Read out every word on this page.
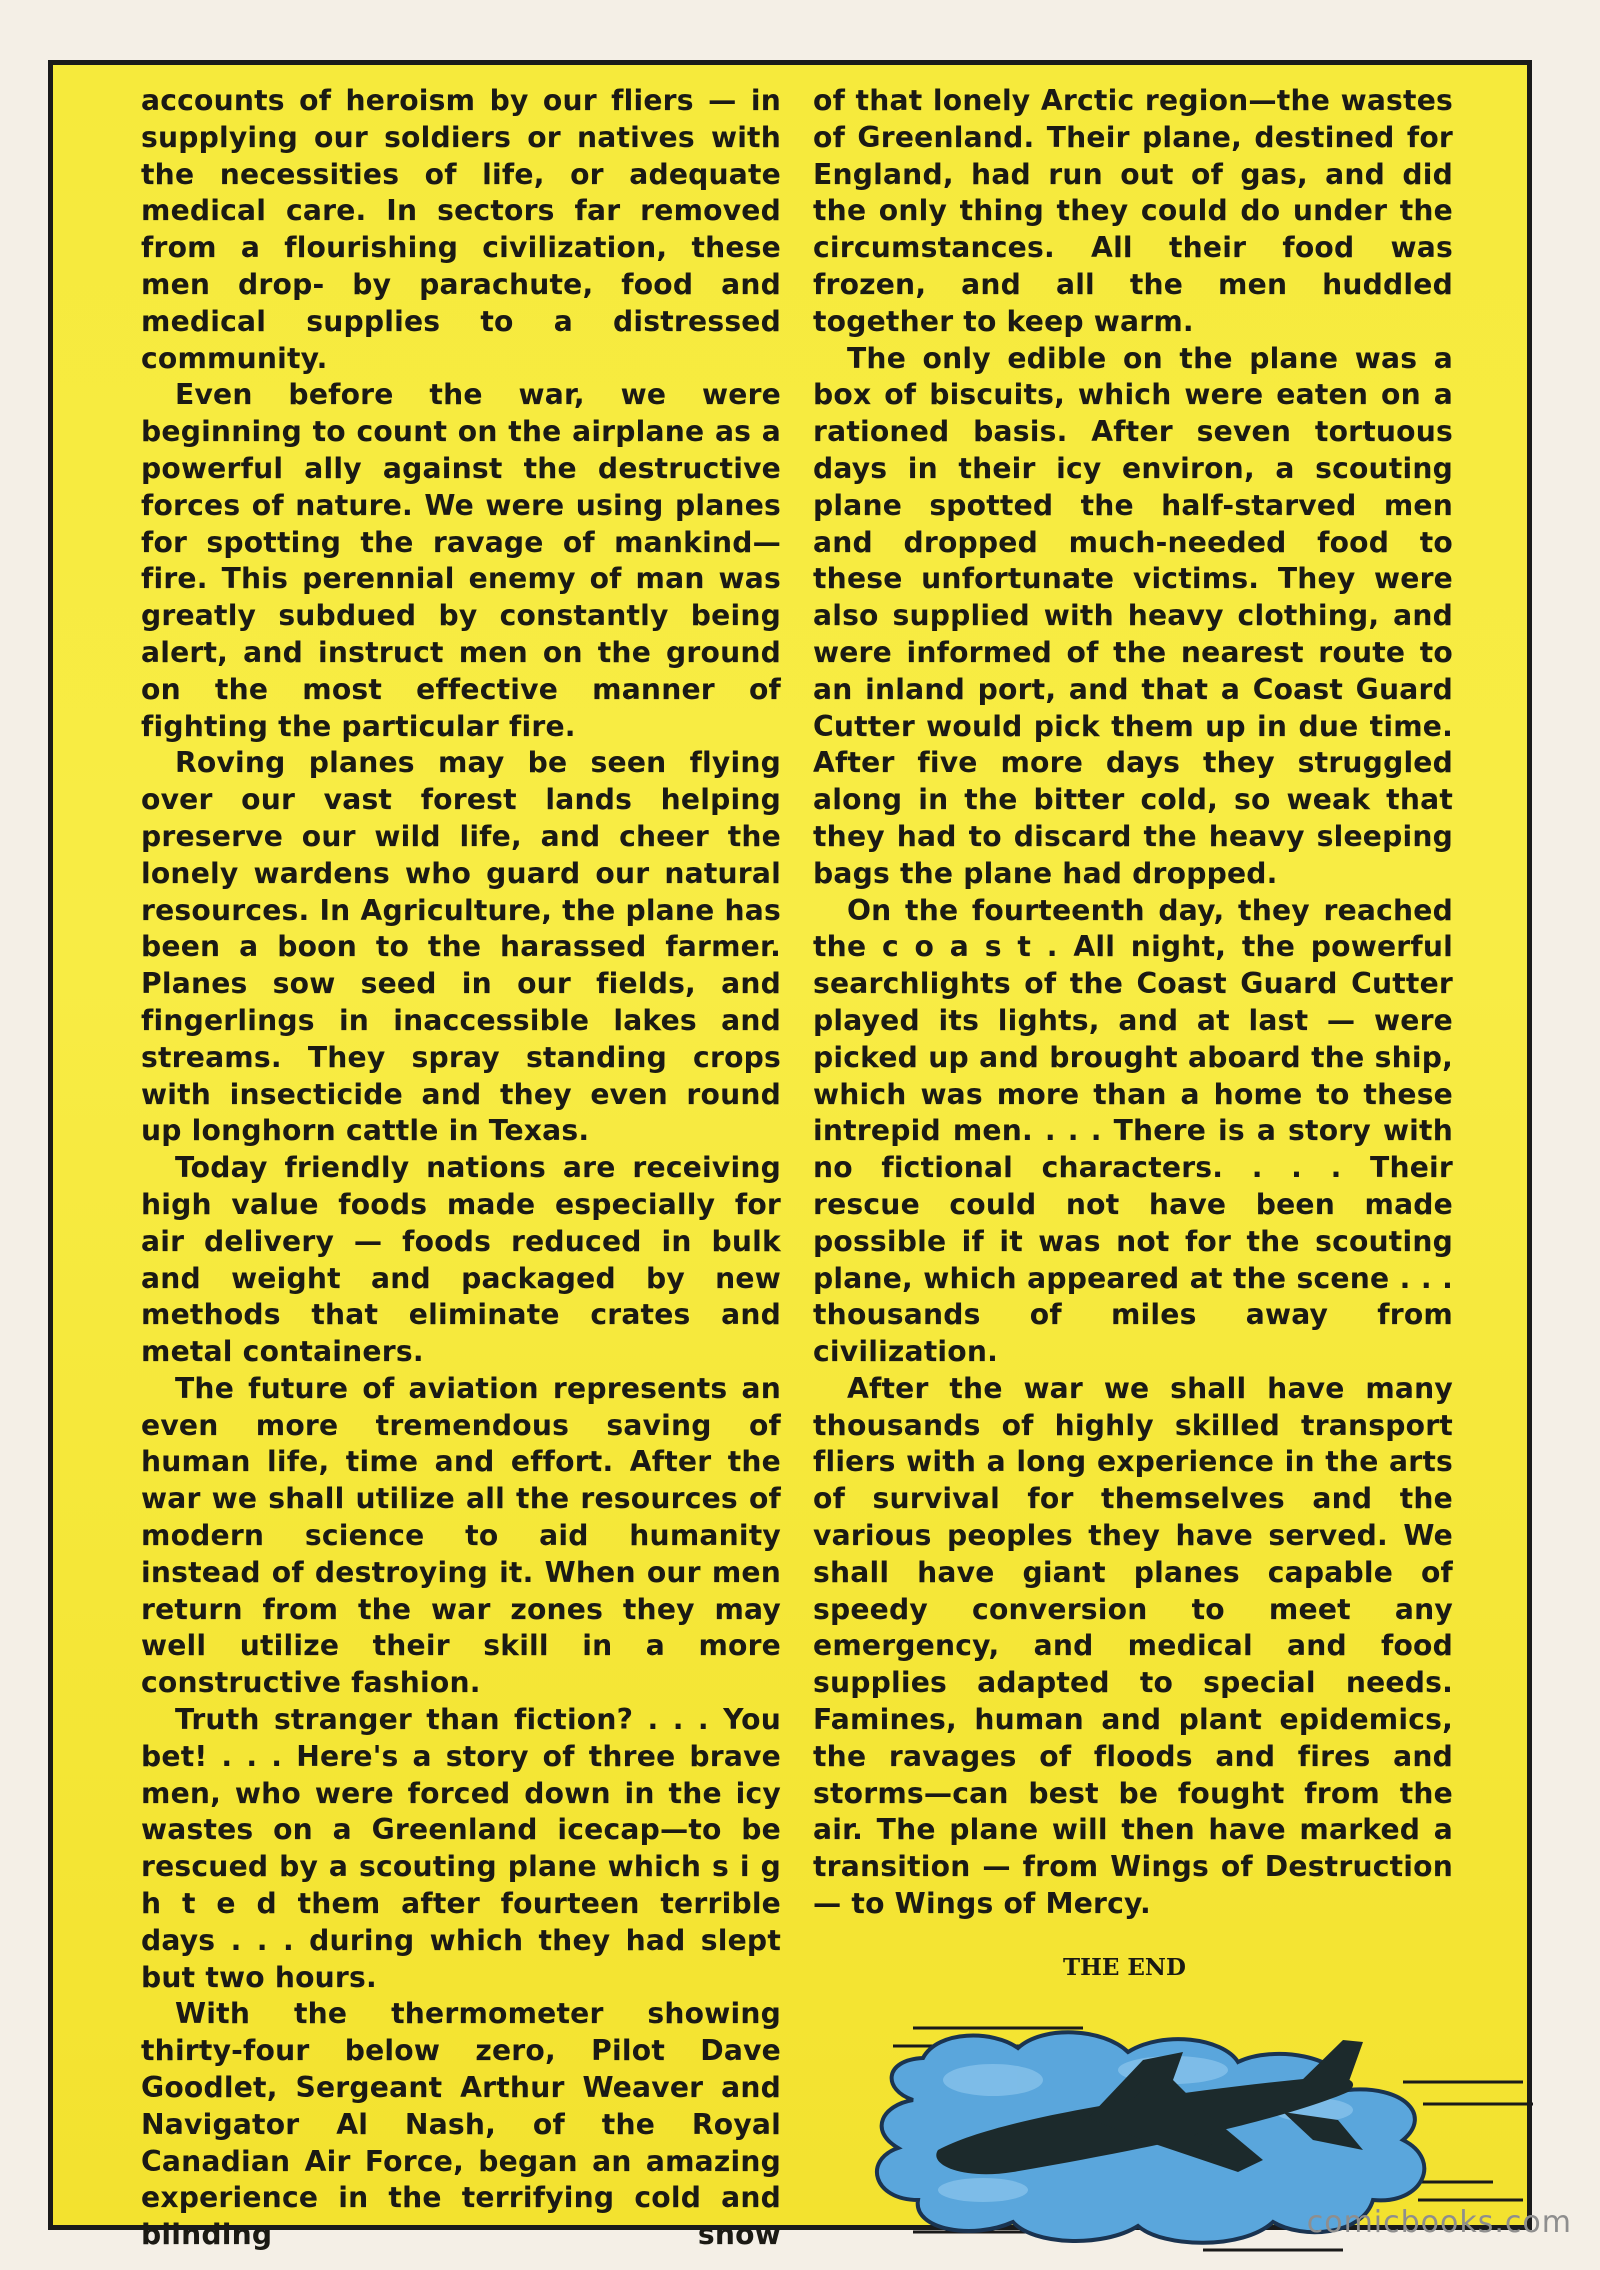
accounts of heroism by our fliers — in supplying our soldiers or natives with the necessities of life, or adequate medical care. In sectors far removed from a flourishing civilization, these men drop- by parachute, food and medical supplies to a distressed community.

Even before the war, we were beginning to count on the airplane as a powerful ally against the destructive forces of nature. We were using planes for spotting the ravage of mankind—fire. This perennial enemy of man was greatly subdued by constantly being alert, and instruct men on the ground on the most effective manner of fighting the particular fire.

Roving planes may be seen flying over our vast forest lands helping preserve our wild life, and cheer the lonely wardens who guard our natural resources. In Agriculture, the plane has been a boon to the harassed farmer. Planes sow seed in our fields, and fingerlings in inaccessible lakes and streams. They spray standing crops with insecticide and they even round up longhorn cattle in Texas.

Today friendly nations are receiving high value foods made especially for air delivery — foods reduced in bulk and weight and packaged by new methods that eliminate crates and metal containers.

The future of aviation represents an even more tremendous saving of human life, time and effort. After the war we shall utilize all the resources of modern science to aid humanity instead of destroying it. When our men return from the war zones they may well utilize their skill in a more constructive fashion.

Truth stranger than fiction? . . . You bet! . . . Here's a story of three brave men, who were forced down in the icy wastes on a Greenland icecap—to be rescued by a scouting plane which s i g h t e d them after fourteen terrible days . . . during which they had slept but two hours.

With the thermometer showing thirty-four below zero, Pilot Dave Goodlet, Sergeant Arthur Weaver and Navigator Al Nash, of the Royal Canadian Air Force, began an amazing experience in the terrifying cold and blinding snow

of that lonely Arctic region—the wastes of Greenland. Their plane, destined for England, had run out of gas, and did the only thing they could do under the circumstances. All their food was frozen, and all the men huddled together to keep warm.

The only edible on the plane was a box of biscuits, which were eaten on a rationed basis. After seven tortuous days in their icy environ, a scouting plane spotted the half-starved men and dropped much-needed food to these unfortunate victims. They were also supplied with heavy clothing, and were informed of the nearest route to an inland port, and that a Coast Guard Cutter would pick them up in due time. After five more days they struggled along in the bitter cold, so weak that they had to discard the heavy sleeping bags the plane had dropped.

On the fourteenth day, they reached the c o a s t . All night, the powerful searchlights of the Coast Guard Cutter played its lights, and at last — were picked up and brought aboard the ship, which was more than a home to these intrepid men. . . . There is a story with no fictional characters. . . . Their rescue could not have been made possible if it was not for the scouting plane, which appeared at the scene . . . thousands of miles away from civilization.

After the war we shall have many thousands of highly skilled transport fliers with a long experience in the arts of survival for themselves and the various peoples they have served. We shall have giant planes capable of speedy conversion to meet any emergency, and medical and food supplies adapted to special needs. Famines, human and plant epidemics, the ravages of floods and fires and storms—can best be fought from the air. The plane will then have marked a transition — from Wings of Destruction — to Wings of Mercy.

THE END
comicbooks.com
